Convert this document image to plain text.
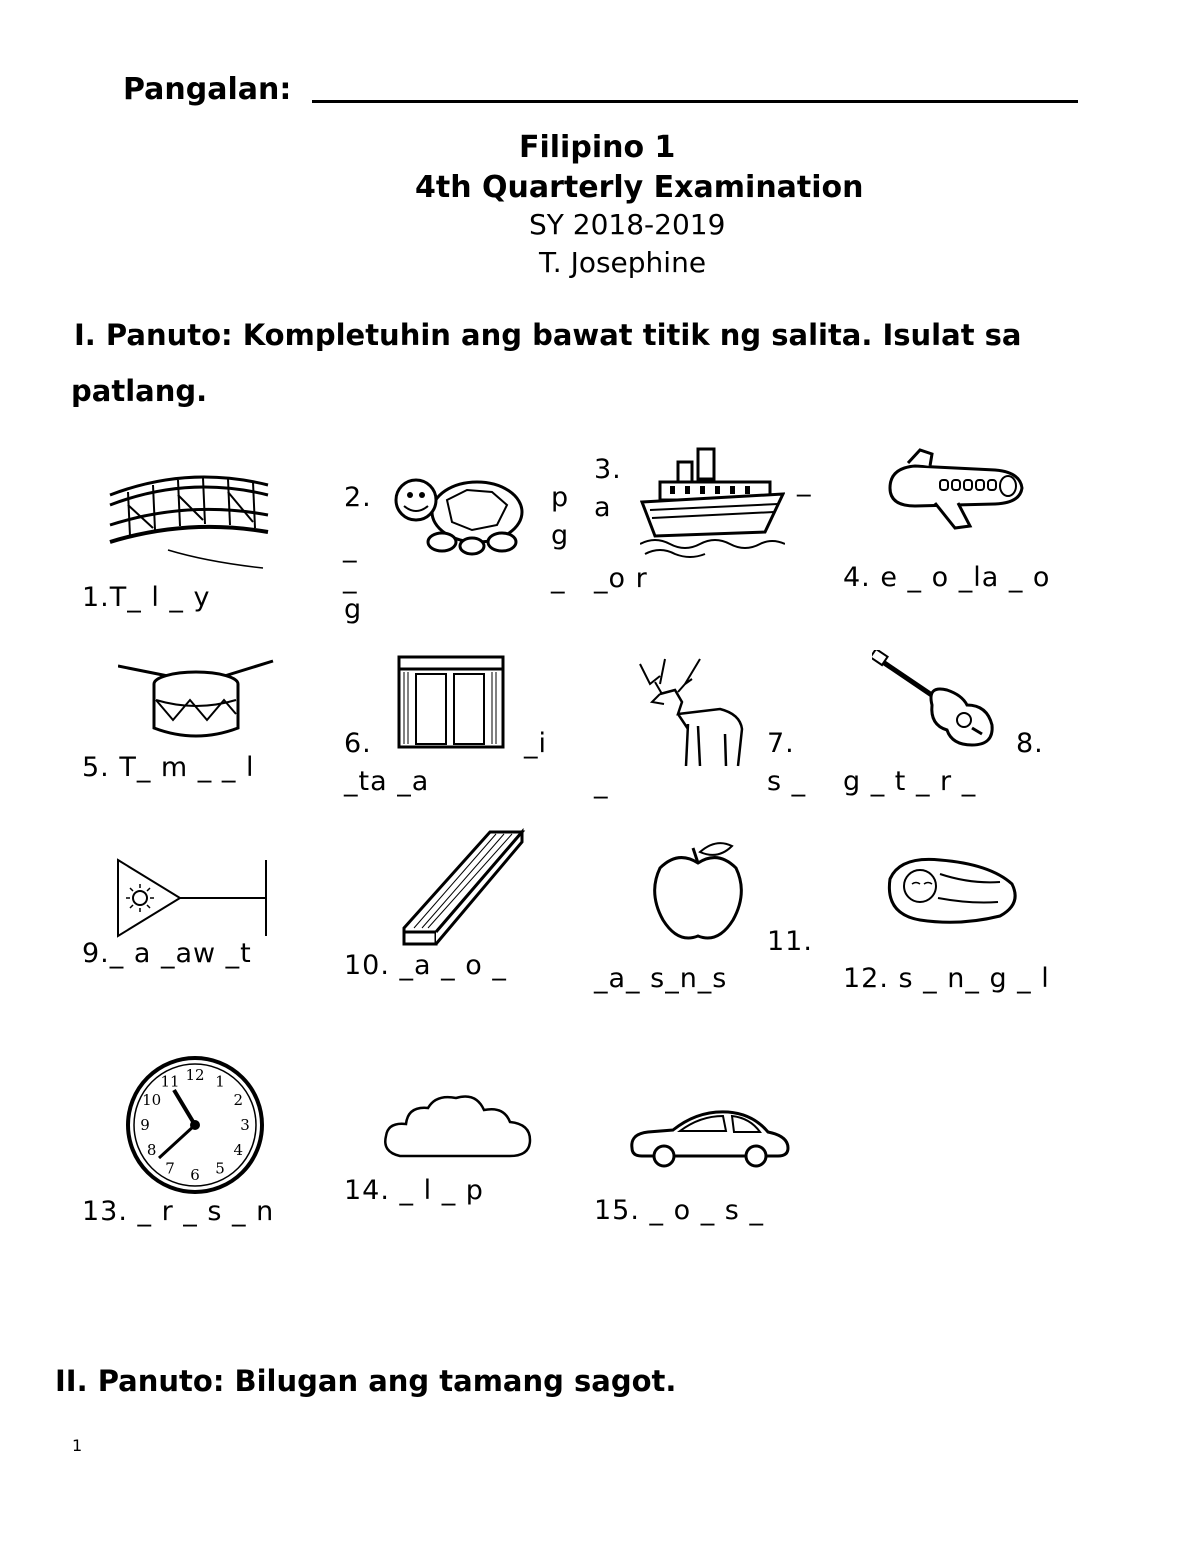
Pangalan:
Filipino 1
4th Quarterly Examination
SY 2018-2019
T. Josephine
I. Panuto: Kompletuhin ang bawat titik ng salita. Isulat sa
patlang.
1.T_ l _ y
2.
_
_
g
p
g
_
3.
a
_
_o r	4. e _ o _la _ o
5. T_ m _ _ l
6.	_i
_ta _a	_
7.
s _
8.
g _ t _ r _
9._ a _aw _t	10. _a _ o _
11.
_a_ s_n_s	12. s _ n_ g _ l
12 1
2
3
4
5
6
7
8
9
10
11
13. _ r _ s _ n
14. _ l _ p
15. _ o _ s _
II. Panuto: Bilugan ang tamang sagot.
1
